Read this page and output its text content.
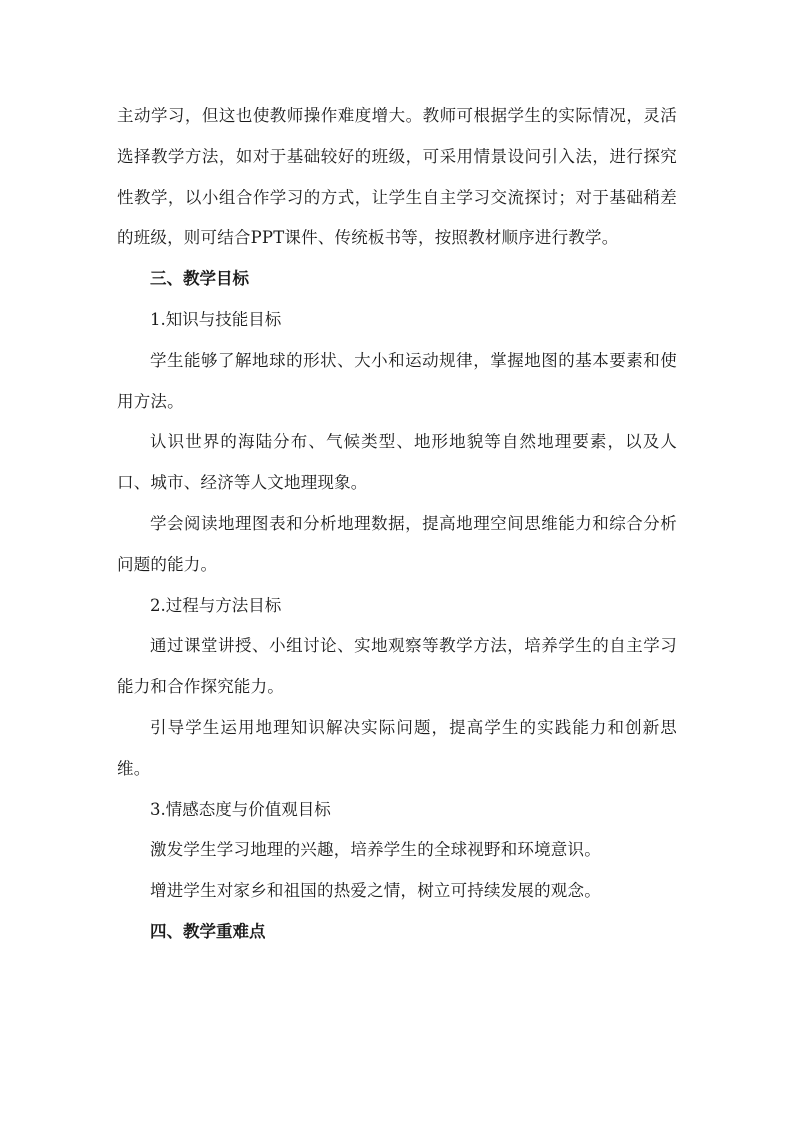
主动学习，但这也使教师操作难度增大。教师可根据学生的实际情况，灵活选择教学方法，如对于基础较好的班级，可采用情景设问引入法，进行探究性教学，以小组合作学习的方式，让学生自主学习交流探讨；对于基础稍差的班级，则可结合PPT课件、传统板书等，按照教材顺序进行教学。

三、教学目标

1.知识与技能目标

学生能够了解地球的形状、大小和运动规律，掌握地图的基本要素和使用方法。

认识世界的海陆分布、气候类型、地形地貌等自然地理要素，以及人口、城市、经济等人文地理现象。

学会阅读地理图表和分析地理数据，提高地理空间思维能力和综合分析问题的能力。

2.过程与方法目标

通过课堂讲授、小组讨论、实地观察等教学方法，培养学生的自主学习能力和合作探究能力。

引导学生运用地理知识解决实际问题，提高学生的实践能力和创新思维。

3.情感态度与价值观目标

激发学生学习地理的兴趣，培养学生的全球视野和环境意识。

增进学生对家乡和祖国的热爱之情，树立可持续发展的观念。

四、教学重难点
